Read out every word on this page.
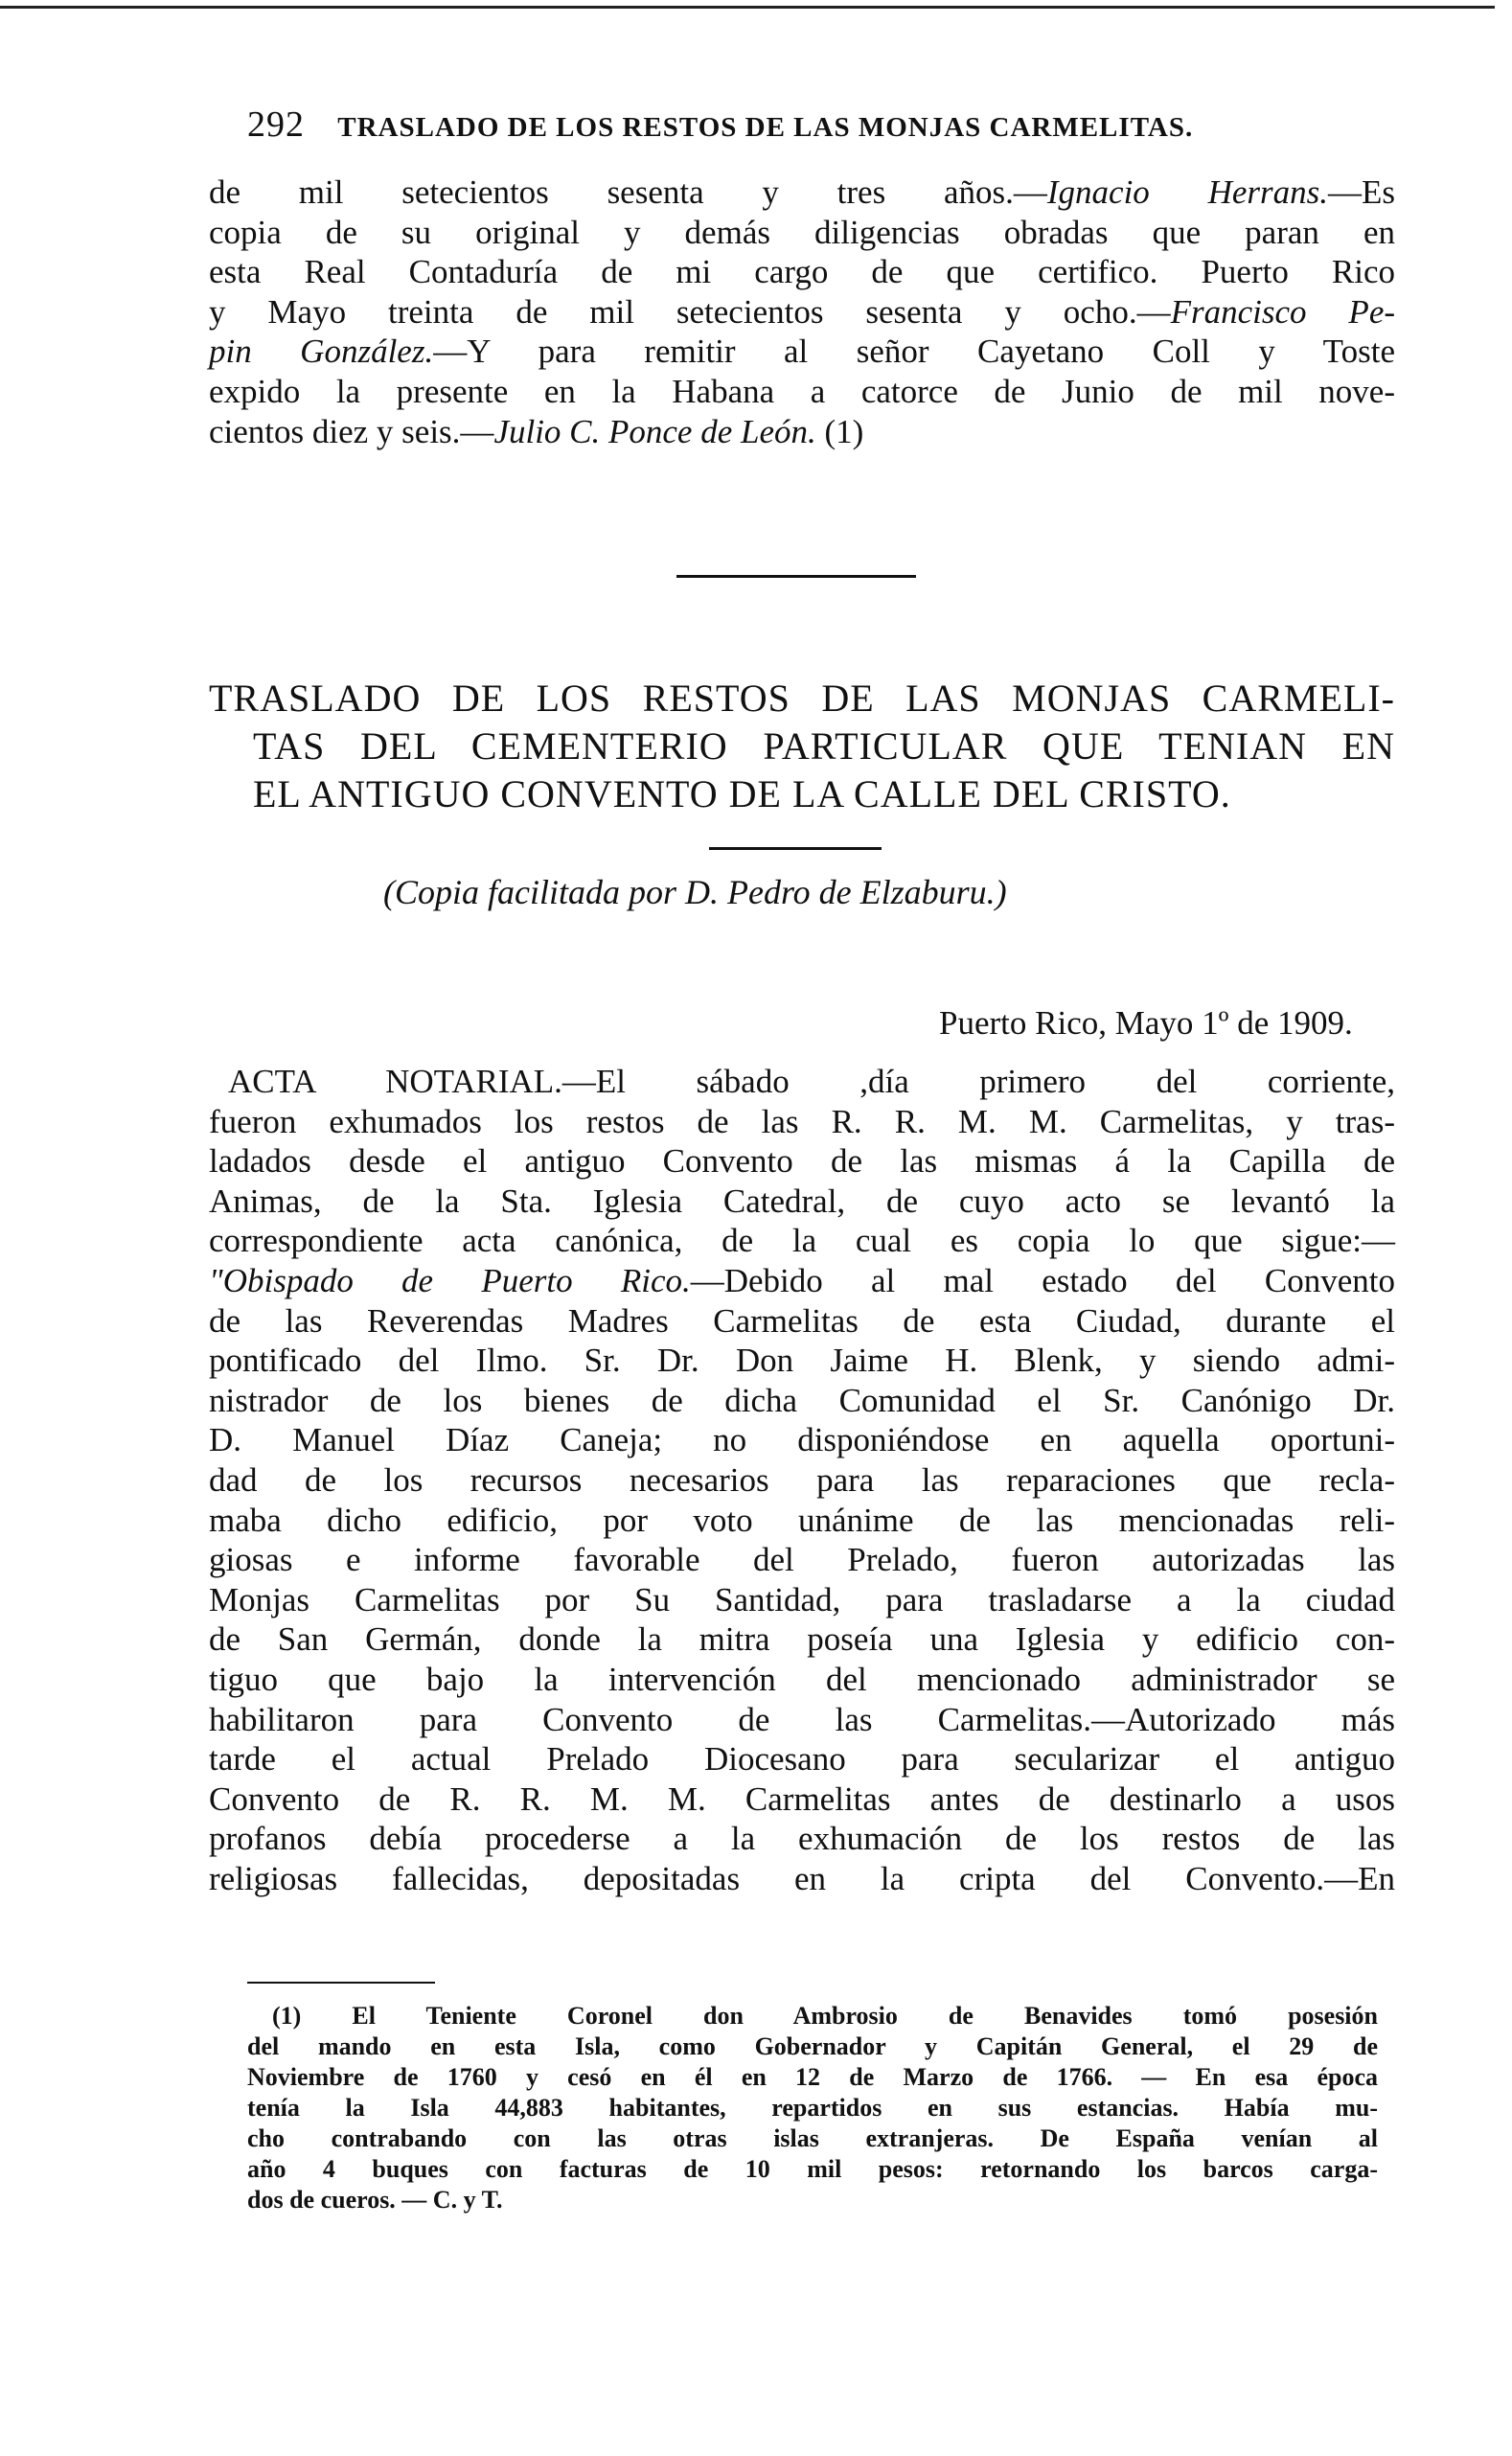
292 TRASLADO DE LOS RESTOS DE LAS MONJAS CARMELITAS.
de mil setecientos sesenta y tres años.—Ignacio Herrans.—Es
copia de su original y demás diligencias obradas que paran en
esta Real Contaduría de mi cargo de que certifico. Puerto Rico
y Mayo treinta de mil setecientos sesenta y ocho.—Francisco Pe-
pin González.—Y para remitir al señor Cayetano Coll y Toste
expido la presente en la Habana a catorce de Junio de mil nove-
cientos diez y seis.—Julio C. Ponce de León. (1)
TRASLADO DE LOS RESTOS DE LAS MONJAS CARMELI-
TAS DEL CEMENTERIO PARTICULAR QUE TENIAN EN
EL ANTIGUO CONVENTO DE LA CALLE DEL CRISTO.
(Copia facilitada por D. Pedro de Elzaburu.)
Puerto Rico, Mayo 1º de 1909.
ACTA NOTARIAL.—El sábado ,día primero del corriente,
fueron exhumados los restos de las R. R. M. M. Carmelitas, y tras-
ladados desde el antiguo Convento de las mismas á la Capilla de
Animas, de la Sta. Iglesia Catedral, de cuyo acto se levantó la
correspondiente acta canónica, de la cual es copia lo que sigue:—
"Obispado de Puerto Rico.—Debido al mal estado del Convento
de las Reverendas Madres Carmelitas de esta Ciudad, durante el
pontificado del Ilmo. Sr. Dr. Don Jaime H. Blenk, y siendo admi-
nistrador de los bienes de dicha Comunidad el Sr. Canónigo Dr.
D. Manuel Díaz Caneja; no disponiéndose en aquella oportuni-
dad de los recursos necesarios para las reparaciones que recla-
maba dicho edificio, por voto unánime de las mencionadas reli-
giosas e informe favorable del Prelado, fueron autorizadas las
Monjas Carmelitas por Su Santidad, para trasladarse a la ciudad
de San Germán, donde la mitra poseía una Iglesia y edificio con-
tiguo que bajo la intervención del mencionado administrador se
habilitaron para Convento de las Carmelitas.—Autorizado más
tarde el actual Prelado Diocesano para secularizar el antiguo
Convento de R. R. M. M. Carmelitas antes de destinarlo a usos
profanos debía procederse a la exhumación de los restos de las
religiosas fallecidas, depositadas en la cripta del Convento.—En
(1) El Teniente Coronel don Ambrosio de Benavides tomó posesión
del mando en esta Isla, como Gobernador y Capitán General, el 29 de
Noviembre de 1760 y cesó en él en 12 de Marzo de 1766. — En esa época
tenía la Isla 44,883 habitantes, repartidos en sus estancias. Había mu-
cho contrabando con las otras islas extranjeras. De España venían al
año 4 buques con facturas de 10 mil pesos: retornando los barcos carga-
dos de cueros. — C. y T.
